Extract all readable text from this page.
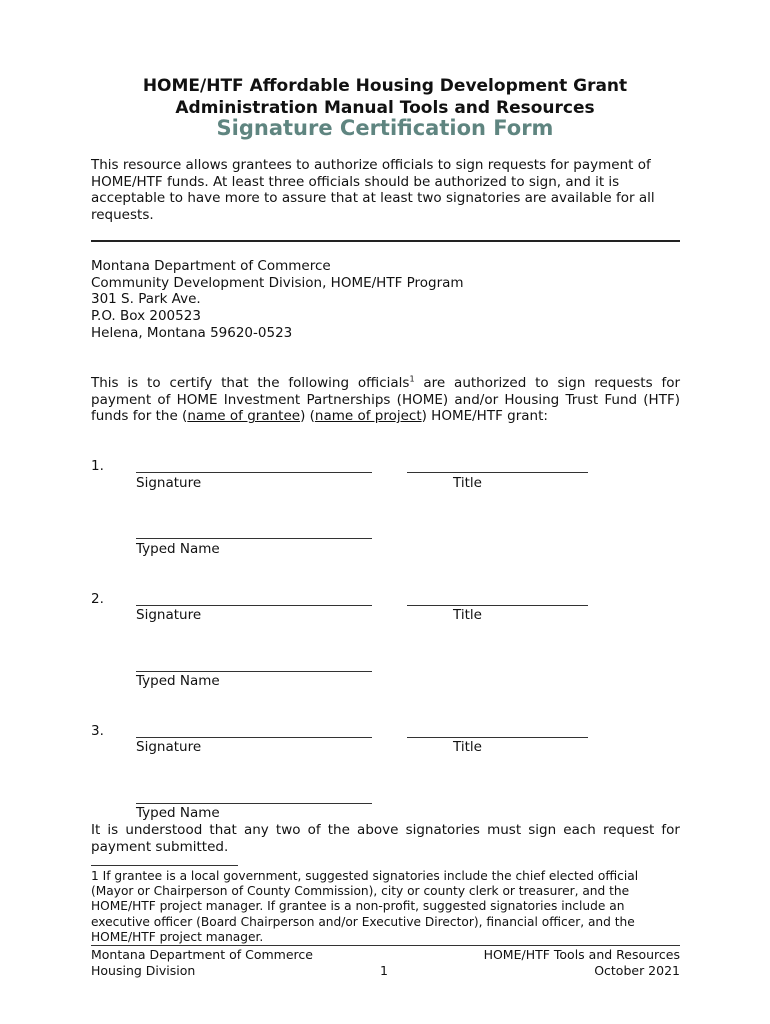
HOME/HTF Affordable Housing Development Grant
Administration Manual Tools and Resources
Signature Certification Form
This resource allows grantees to authorize officials to sign requests for payment of HOME/HTF funds. At least three officials should be authorized to sign, and it is acceptable to have more to assure that at least two signatories are available for all requests.
Montana Department of Commerce
Community Development Division, HOME/HTF Program
301 S. Park Ave.
P.O. Box 200523
Helena, Montana 59620-0523
This is to certify that the following officials$^1$ are authorized to sign requests for payment of HOME Investment Partnerships (HOME) and/or Housing Trust Fund (HTF) funds for the (name of grantee) (name of project) HOME/HTF grant:
1.
Signature	Title
Typed Name
2.
Signature	Title
Typed Name
3.
Signature	Title
Typed Name
It is understood that any two of the above signatories must sign each request for payment submitted.
1 If grantee is a local government, suggested signatories include the chief elected official (Mayor or Chairperson of County Commission), city or county clerk or treasurer, and the HOME/HTF project manager. If grantee is a non-profit, suggested signatories include an executive officer (Board Chairperson and/or Executive Director), financial officer, and the HOME/HTF project manager.
Montana Department of Commerce
Housing Division	1
HOME/HTF Tools and Resources
October 2021
